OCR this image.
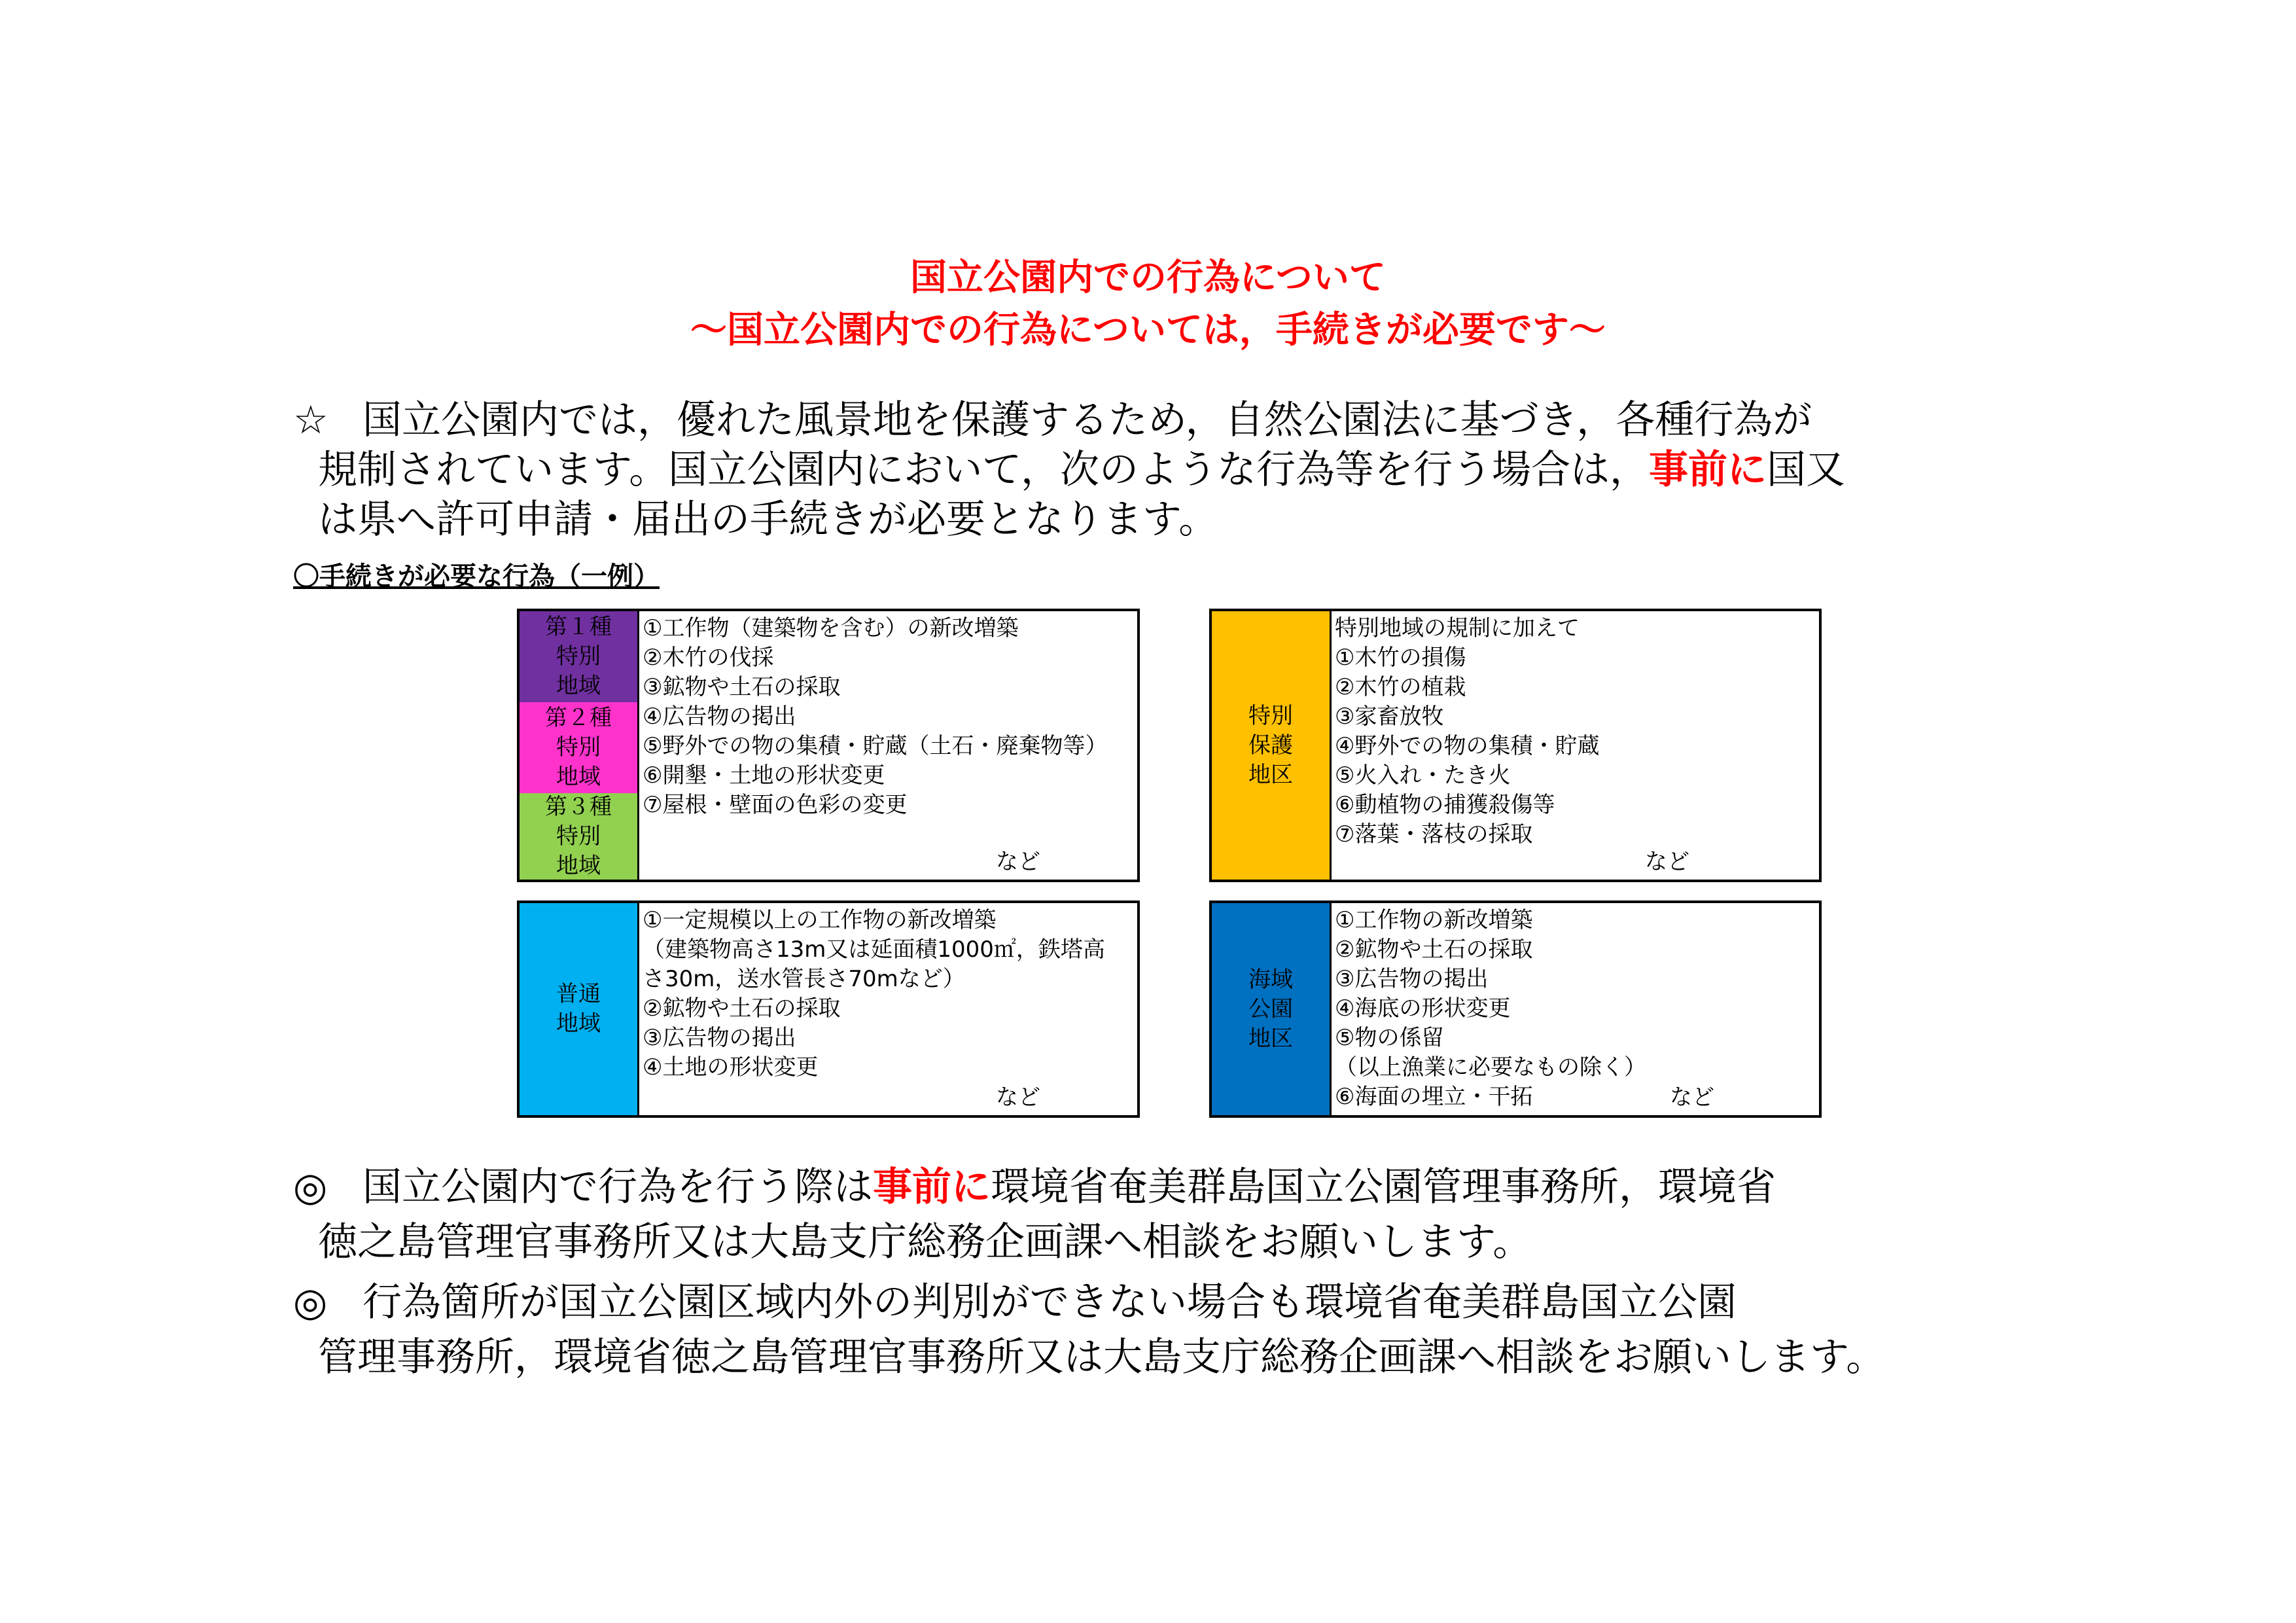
国立公園内での行為について
～国立公園内での行為については，手続きが必要です～
☆ 国立公園内では，優れた風景地を保護するため，自然公園法に基づき，各種行為が
規制されています。国立公園内において，次のような行為等を行う場合は，事前に国又
は県へ許可申請・届出の手続きが必要となります。
〇手続きが必要な行為（一例）
第１種
特別
地域
第２種
特別
地域
第３種
特別
地域
①工作物（建築物を含む）の新改増築
②木竹の伐採
③鉱物や土石の採取
④広告物の掲出
⑤野外での物の集積・貯蔵（土石・廃棄物等）
⑥開墾・土地の形状変更
⑦屋根・壁面の色彩の変更
など
特別
保護
地区
特別地域の規制に加えて
①木竹の損傷
②木竹の植栽
③家畜放牧
④野外での物の集積・貯蔵
⑤火入れ・たき火
⑥動植物の捕獲殺傷等
⑦落葉・落枝の採取
など
普通
地域
①一定規模以上の工作物の新改増築
（建築物高さ13m又は延面積1000㎡，鉄塔高
さ30m，送水管長さ70mなど）
②鉱物や土石の採取
③広告物の掲出
④土地の形状変更
など
海域
公園
地区
①工作物の新改増築
②鉱物や土石の採取
③広告物の掲出
④海底の形状変更
⑤物の係留
（以上漁業に必要なもの除く）
⑥海面の埋立・干拓	など
◎ 国立公園内で行為を行う際は事前に環境省奄美群島国立公園管理事務所，環境省
徳之島管理官事務所又は大島支庁総務企画課へ相談をお願いします。
◎ 行為箇所が国立公園区域内外の判別ができない場合も環境省奄美群島国立公園
管理事務所，環境省徳之島管理官事務所又は大島支庁総務企画課へ相談をお願いします。
